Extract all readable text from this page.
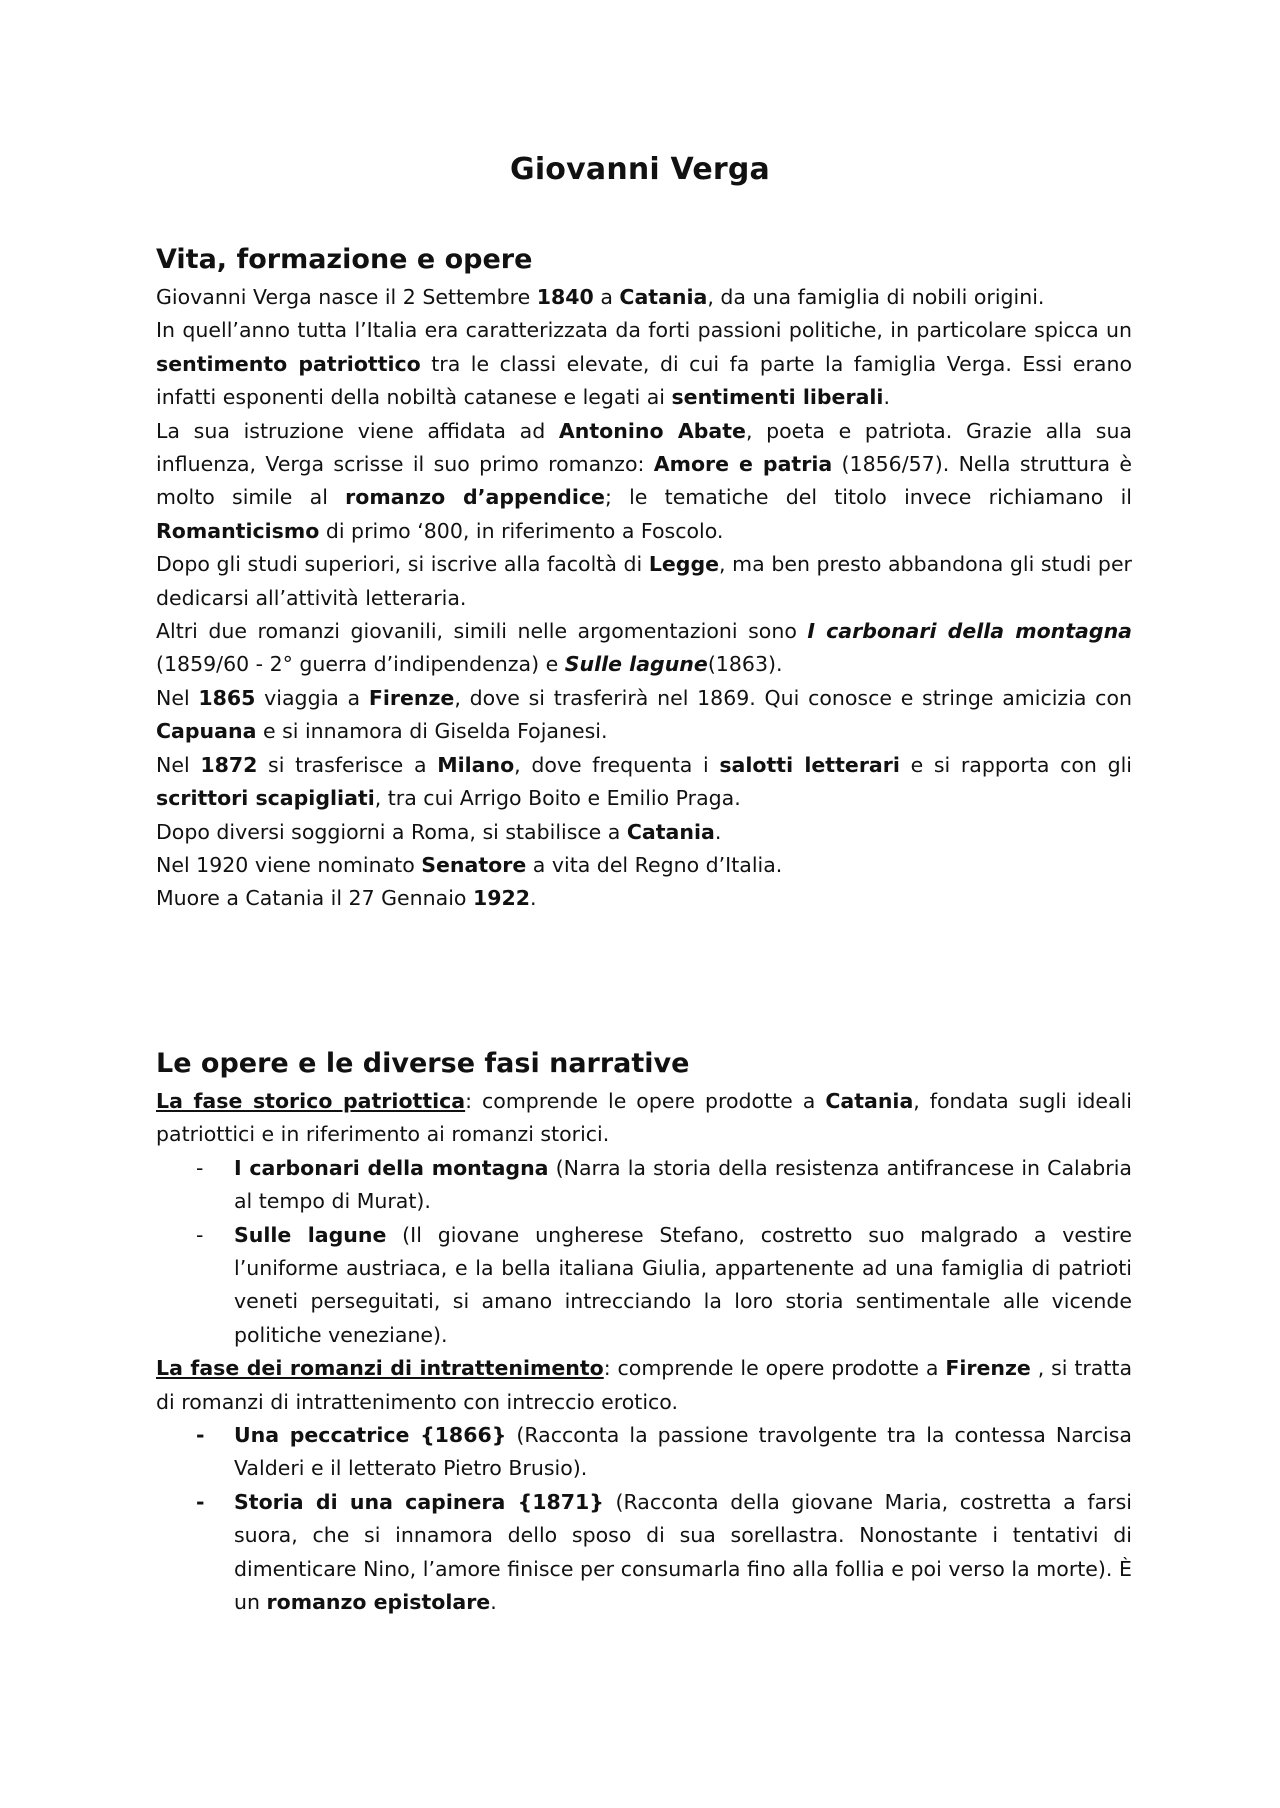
Giovanni Verga
Vita, formazione e opere

Giovanni Verga nasce il 2 Settembre 1840 a Catania, da una famiglia di nobili origini.

In quell’anno tutta l’Italia era caratterizzata da forti passioni politiche, in particolare spicca un sentimento patriottico tra le classi elevate, di cui fa parte la famiglia Verga. Essi erano infatti esponenti della nobiltà catanese e legati ai sentimenti liberali.

La sua istruzione viene affidata ad Antonino Abate, poeta e patriota. Grazie alla sua influenza, Verga scrisse il suo primo romanzo: Amore e patria (1856/57). Nella struttura è molto simile al romanzo d’appendice; le tematiche del titolo invece richiamano il Romanticismo di primo ‘800, in riferimento a Foscolo.

Dopo gli studi superiori, si iscrive alla facoltà di Legge, ma ben presto abbandona gli studi per dedicarsi all’attività letteraria.

Altri due romanzi giovanili, simili nelle argomentazioni sono I carbonari della montagna (1859/60 - 2° guerra d’indipendenza) e Sulle lagune(1863).

Nel 1865 viaggia a Firenze, dove si trasferirà nel 1869. Qui conosce e stringe amicizia con Capuana e si innamora di Giselda Fojanesi.

Nel 1872 si trasferisce a Milano, dove frequenta i salotti letterari e si rapporta con gli scrittori scapigliati, tra cui Arrigo Boito e Emilio Praga.

Dopo diversi soggiorni a Roma, si stabilisce a Catania.

Nel 1920 viene nominato Senatore a vita del Regno d’Italia.

Muore a Catania il 27 Gennaio 1922.

Le opere e le diverse fasi narrative

La fase storico patriottica: comprende le opere prodotte a Catania, fondata sugli ideali patriottici e in riferimento ai romanzi storici.

- I carbonari della montagna (Narra la storia della resistenza antifrancese in Calabria al tempo di Murat).
- Sulle lagune (Il giovane ungherese Stefano, costretto suo malgrado a vestire l’uniforme austriaca, e la bella italiana Giulia, appartenente ad una famiglia di patrioti veneti perseguitati, si amano intrecciando la loro storia sentimentale alle vicende politiche veneziane).

La fase dei romanzi di intrattenimento: comprende le opere prodotte a Firenze , si tratta di romanzi di intrattenimento con intreccio erotico.

- Una peccatrice {1866} (Racconta la passione travolgente tra la contessa Narcisa Valderi e il letterato Pietro Brusio).
- Storia di una capinera {1871} (Racconta della giovane Maria, costretta a farsi suora, che si innamora dello sposo di sua sorellastra. Nonostante i tentativi di dimenticare Nino, l’amore finisce per consumarla fino alla follia e poi verso la morte). È un romanzo epistolare.
